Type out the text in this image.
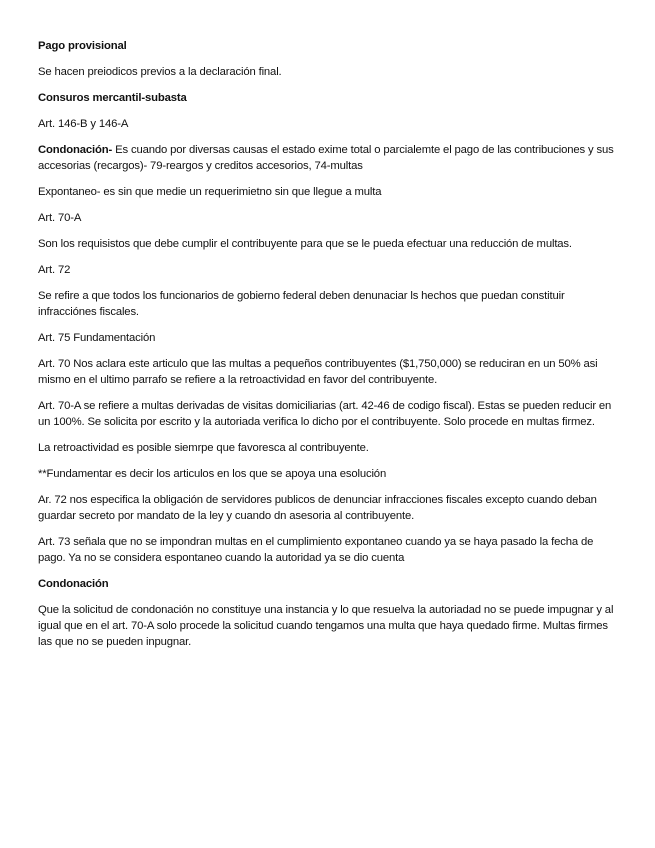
Pago provisional

Se hacen preiodicos previos a la declaración final.

Consuros mercantil-subasta

Art. 146-B y 146-A

Condonación- Es cuando por diversas causas el estado exime total o parcialemte el pago de las contribuciones y sus accesorias (recargos)- 79-reargos y creditos accesorios, 74-multas

Expontaneo- es sin que medie un requerimietno sin que llegue a multa

Art. 70-A

Son los requisistos que debe cumplir el contribuyente para que se le pueda efectuar una reducción de multas.

Art. 72

Se refire a que todos los funcionarios de gobierno federal deben denunaciar ls hechos que puedan constituir infracciónes fiscales.

Art. 75 Fundamentación

Art. 70 Nos aclara este articulo que las multas a pequeños contribuyentes ($1,750,000) se reduciran en un 50% asi mismo en el ultimo parrafo se refiere a la retroactividad en favor del contribuyente.

Art. 70-A se refiere a multas derivadas de visitas domiciliarias (art. 42-46 de codigo fiscal). Estas se pueden reducir en un 100%. Se solicita por escrito y la autoriada verifica lo dicho por el contribuyente. Solo procede en multas firmez.

La retroactividad es posible siemrpe que favoresca al contribuyente.

**Fundamentar es decir los articulos en los que se apoya una esolución

Ar. 72 nos especifica la obligación de servidores publicos de denunciar infracciones fiscales excepto cuando deban guardar secreto por mandato de la ley y cuando dn asesoria al contribuyente.

Art. 73 señala que no se impondran multas en el cumplimiento expontaneo cuando ya se haya pasado la fecha de pago. Ya no se considera espontaneo cuando la autoridad ya se dio cuenta

Condonación

Que la solicitud de condonación no constituye una instancia y lo que resuelva la autoriadad no se puede impugnar y al igual que en el art. 70-A solo procede la solicitud cuando tengamos una multa que haya quedado firme. Multas firmes las que no se pueden inpugnar.
